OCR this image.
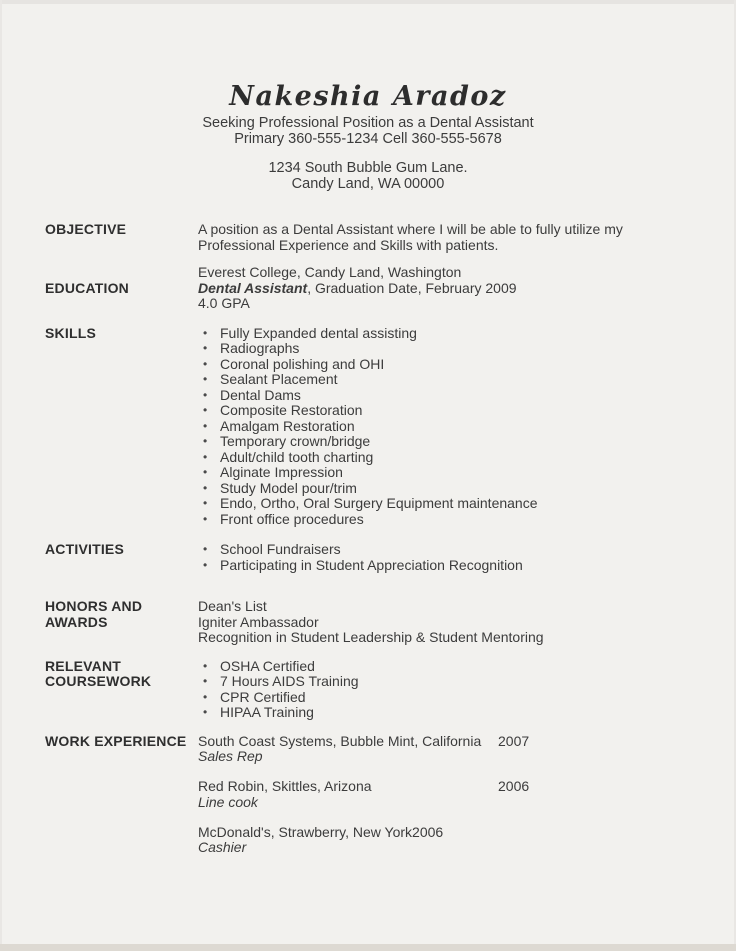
Nakeshia Aradoz
Seeking Professional Position as a Dental Assistant
Primary 360-555-1234 Cell 360-555-5678
1234 South Bubble Gum Lane.
Candy Land, WA 00000
OBJECTIVE	A position as a Dental Assistant where I will be able to fully utilize my Professional Experience and Skills with patients.
EDUCATION
Everest College, Candy Land, Washington
Dental Assistant, Graduation Date, February 2009
4.0 GPA
SKILLS	• Fully Expanded dental assisting
• Radiographs
• Coronal polishing and OHI
• Sealant Placement
• Dental Dams
• Composite Restoration
• Amalgam Restoration
• Temporary crown/bridge
• Adult/child tooth charting
• Alginate Impression
• Study Model pour/trim
• Endo, Ortho, Oral Surgery Equipment maintenance
• Front office procedures
ACTIVITIES	• School Fundraisers
• Participating in Student Appreciation Recognition
HONORS AND AWARDS
Dean's List
Igniter Ambassador
Recognition in Student Leadership & Student Mentoring
RELEVANT COURSEWORK
• OSHA Certified
• 7 Hours AIDS Training
• CPR Certified
• HIPAA Training
WORK EXPERIENCE South Coast Systems, Bubble Mint, California 2007
Sales Rep
Red Robin, Skittles, Arizona	2006
Line cook
McDonald's, Strawberry, New York 2006
Cashier
